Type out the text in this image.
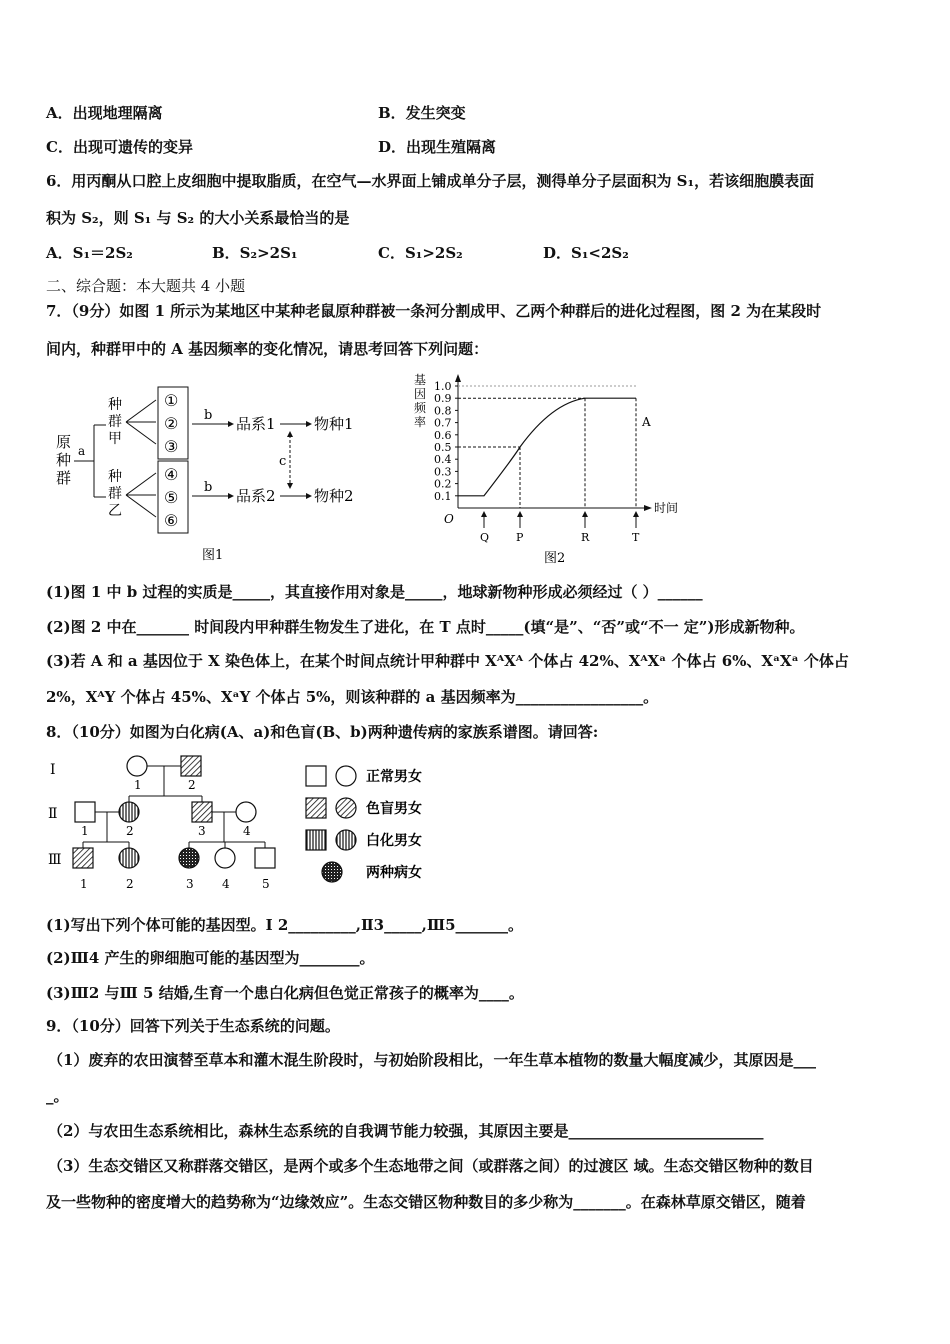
A．出现地理隔离	B．发生突变
C．出现可遗传的变异	D．出现生殖隔离
6．用丙酮从口腔上皮细胞中提取脂质，在空气—水界面上铺成单分子层，测得单分子层面积为 S₁，若该细胞膜表面
积为 S₂，则 S₁ 与 S₂ 的大小关系最恰当的是
A．S₁＝2S₂	B．S₂>2S₁	C．S₁>2S₂	D．S₁<2S₂
二、综合题：本大题共 4 小题
7．（9分）如图 1 所示为某地区中某种老鼠原种群被一条河分割成甲、乙两个种群后的进化过程图，图 2 为在某段时
间内，种群甲中的 A 基因频率的变化情况，请思考回答下列问题：
原
种
群
a
种
群
甲
种
群
乙
①
②
③
④
⑤
⑥
b
b
品系1
品系2
物种1
物种2
c
图1
基
因
频
率
1.0
0.9
0.8
0.7
0.6
0.5
0.4
0.3
0.2
0.1
O
时间
A
Q P	R	T
图2
(1)图 1 中 b 过程的实质是_____，其直接作用对象是_____，地球新物种形成必须经过（ ）______
(2)图 2 中在_______ 时间段内甲种群生物发生了进化，在 T 点时_____(填“是”、“否”或“不一 定”)形成新物种。
(3)若 A 和 a 基因位于 X 染色体上，在某个时间点统计甲种群中 XᴬXᴬ 个体占 42%、XᴬXᵃ 个体占 6%、XᵃXᵃ 个体占
2%，XᴬY 个体占 45%、XᵃY 个体占 5%，则该种群的 a 基因频率为_________________。
8．（10分）如图为白化病(A、a)和色盲(B、b)两种遗传病的家族系谱图。请回答:
Ⅰ
Ⅱ
Ⅲ
1	2
1	2	3	4
1	2	3 4	5
正常男女
色盲男女
白化男女
两种病女
(1)写出下列个体可能的基因型。Ⅰ 2_________,Ⅱ3_____,Ⅲ5_______。
(2)Ⅲ4 产生的卵细胞可能的基因型为________。
(3)Ⅲ2 与Ⅲ 5 结婚,生育一个患白化病但色觉正常孩子的概率为____。
9．（10分）回答下列关于生态系统的问题。
（1）废弃的农田演替至草本和灌木混生阶段时，与初始阶段相比，一年生草本植物的数量大幅度减少，其原因是___
_。
（2）与农田生态系统相比，森林生态系统的自我调节能力较强，其原因主要是__________________________
（3）生态交错区又称群落交错区，是两个或多个生态地带之间（或群落之间）的过渡区 域。生态交错区物种的数目
及一些物种的密度增大的趋势称为“边缘效应”。生态交错区物种数目的多少称为_______。在森林草原交错区，随着
